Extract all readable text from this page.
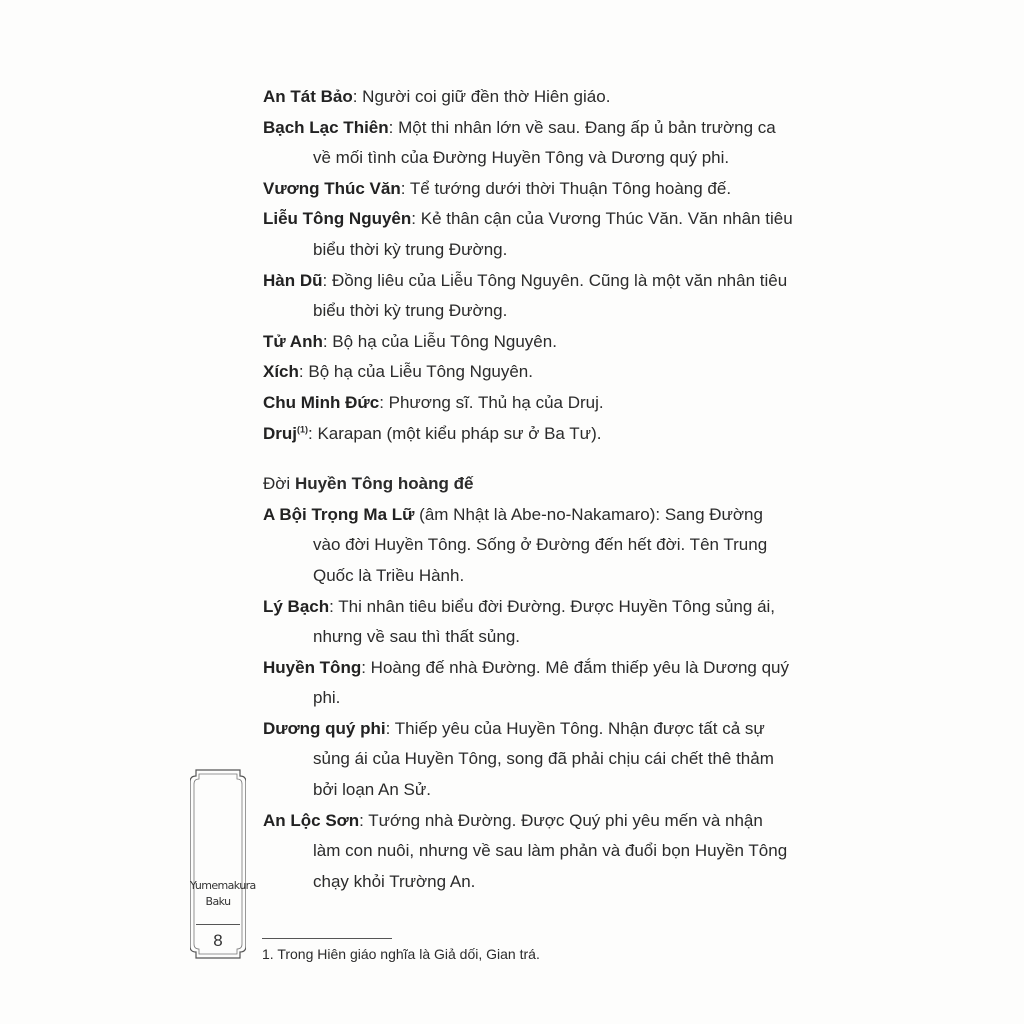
An Tát Bảo: Người coi giữ đền thờ Hiên giáo.

Bạch Lạc Thiên: Một thi nhân lớn về sau. Đang ấp ủ bản trường ca về mối tình của Đường Huyền Tông và Dương quý phi.

Vương Thúc Văn: Tể tướng dưới thời Thuận Tông hoàng đế.

Liễu Tông Nguyên: Kẻ thân cận của Vương Thúc Văn. Văn nhân tiêu biểu thời kỳ trung Đường.

Hàn Dũ: Đồng liêu của Liễu Tông Nguyên. Cũng là một văn nhân tiêu biểu thời kỳ trung Đường.

Tử Anh: Bộ hạ của Liễu Tông Nguyên.

Xích: Bộ hạ của Liễu Tông Nguyên.

Chu Minh Đức: Phương sĩ. Thủ hạ của Druj.

Druj$^{(1)}$: Karapan (một kiểu pháp sư ở Ba Tư).

Đời Huyền Tông hoàng đế

A Bội Trọng Ma Lữ (âm Nhật là Abe-no-Nakamaro): Sang Đường vào đời Huyền Tông. Sống ở Đường đến hết đời. Tên Trung Quốc là Triều Hành.

Lý Bạch: Thi nhân tiêu biểu đời Đường. Được Huyền Tông sủng ái, nhưng về sau thì thất sủng.

Huyền Tông: Hoàng đế nhà Đường. Mê đắm thiếp yêu là Dương quý phi.

Dương quý phi: Thiếp yêu của Huyền Tông. Nhận được tất cả sự sủng ái của Huyền Tông, song đã phải chịu cái chết thê thảm bởi loạn An Sử.

An Lộc Sơn: Tướng nhà Đường. Được Quý phi yêu mến và nhận làm con nuôi, nhưng về sau làm phản và đuổi bọn Huyền Tông chạy khỏi Trường An.

1. Trong Hiên giáo nghĩa là Giả dối, Gian trá.
Yumemakura
Baku
8
